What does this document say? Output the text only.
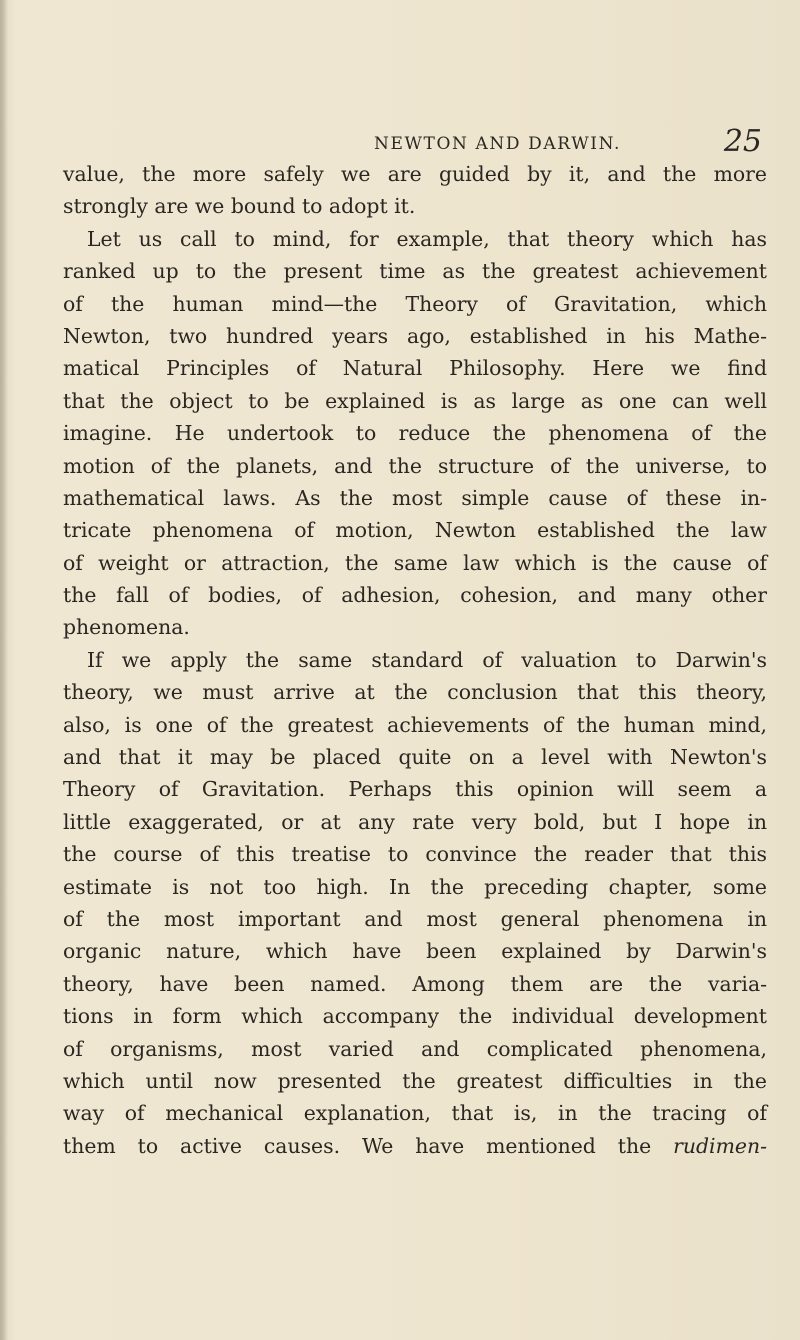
NEWTON AND DARWIN.	25
value, the more safely we are guided by it, and the more
strongly are we bound to adopt it.
Let us call to mind, for example, that theory which has
ranked up to the present time as the greatest achievement
of the human mind—the Theory of Gravitation, which
Newton, two hundred years ago, established in his Mathe-
matical Principles of Natural Philosophy. Here we find
that the object to be explained is as large as one can well
imagine. He undertook to reduce the phenomena of the
motion of the planets, and the structure of the universe, to
mathematical laws. As the most simple cause of these in-
tricate phenomena of motion, Newton established the law
of weight or attraction, the same law which is the cause of
the fall of bodies, of adhesion, cohesion, and many other
phenomena.
If we apply the same standard of valuation to Darwin's
theory, we must arrive at the conclusion that this theory,
also, is one of the greatest achievements of the human mind,
and that it may be placed quite on a level with Newton's
Theory of Gravitation. Perhaps this opinion will seem a
little exaggerated, or at any rate very bold, but I hope in
the course of this treatise to convince the reader that this
estimate is not too high. In the preceding chapter, some
of the most important and most general phenomena in
organic nature, which have been explained by Darwin's
theory, have been named. Among them are the varia-
tions in form which accompany the individual development
of organisms, most varied and complicated phenomena,
which until now presented the greatest difficulties in the
way of mechanical explanation, that is, in the tracing of
them to active causes. We have mentioned the rudimen-
